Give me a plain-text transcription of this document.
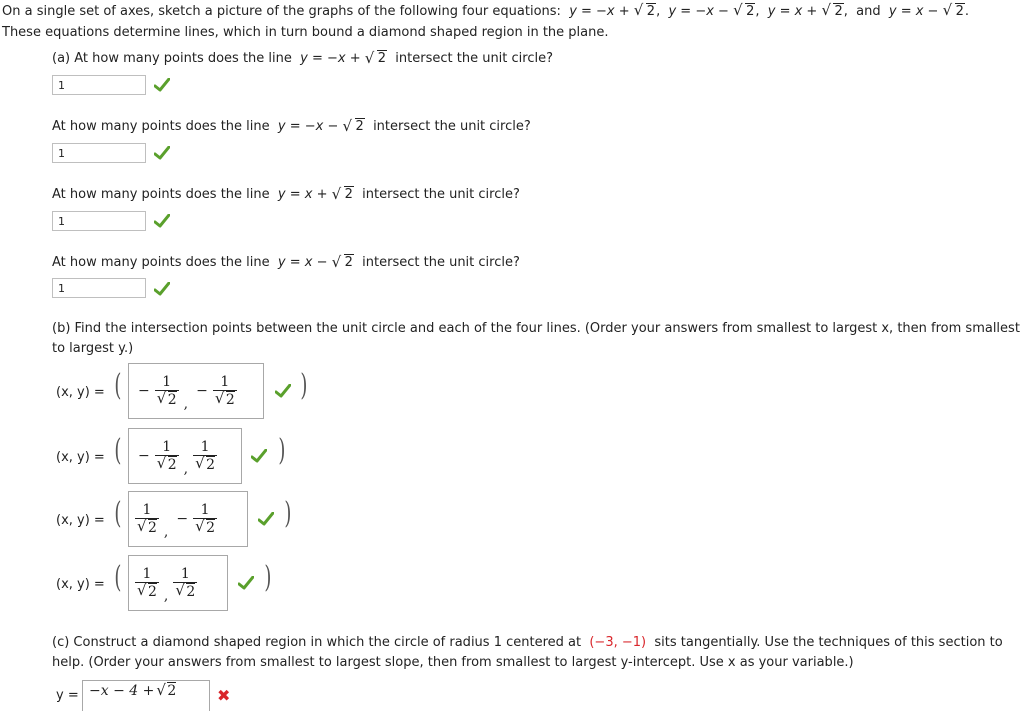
On a single set of axes, sketch a picture of the graphs of the following four equations: y = −x + √ 2,  y = −x − √ 2,  y = x + √ 2,  and y = x − √ 2.
These equations determine lines, which in turn bound a diamond shaped region in the plane.
(a) At how many points does the line y = −x + √ 2 intersect the unit circle?
1
At how many points does the line y = −x − √ 2 intersect the unit circle?
1
At how many points does the line y = x + √ 2 intersect the unit circle?
1
At how many points does the line y = x − √ 2 intersect the unit circle?
1
(b) Find the intersection points between the unit circle and each of the four lines. (Order your answers from smallest to largest x, then from smallest
to largest y.)
(x, y) = ( − $\frac{1}{√ 2}$ ,
− $\frac{1}{√ 2}$ )
(x, y) = ( − $\frac{1}{√ 2}$ , $\frac{1}{√ 2}$ )
(x, y) = ( $\frac{1}{√ 2}$ ,
− $\frac{1}{√ 2}$ )
(x, y) = ( $\frac{1}{√ 2}$ , $\frac{1}{√ 2}$ )
(c) Construct a diamond shaped region in which the circle of radius 1 centered at (−3, −1) sits tangentially. Use the techniques of this section to
help. (Order your answers from smallest to largest slope, then from smallest to largest y-intercept. Use x as your variable.)
y = −x − 4 + √ 2	✖
